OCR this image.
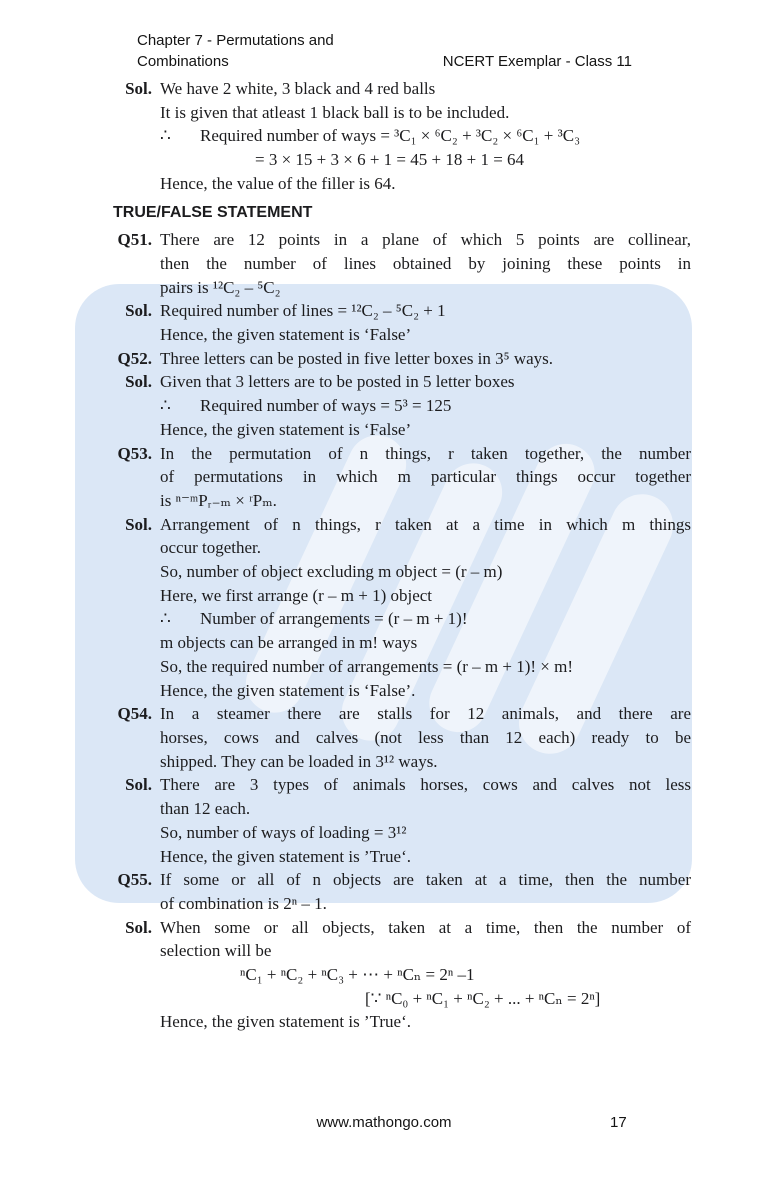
Chapter 7 - Permutations and
Combinations	NCERT Exemplar - Class 11
Sol. We have 2 white, 3 black and 4 red balls
It is given that atleast 1 black ball is to be included.
∴ Required number of ways = ³C₁ × ⁶C₂ + ³C₂ × ⁶C₁ + ³C₃
= 3 × 15 + 3 × 6 + 1 = 45 + 18 + 1 = 64
Hence, the value of the filler is 64.
TRUE/FALSE STATEMENT
Q51. There are 12 points in a plane of which 5 points are collinear,
then the number of lines obtained by joining these points in
pairs is ¹²C₂ – ⁵C₂
Sol. Required number of lines = ¹²C₂ – ⁵C₂ + 1
Hence, the given statement is ‘False’
Q52. Three letters can be posted in five letter boxes in 3⁵ ways.
Sol. Given that 3 letters are to be posted in 5 letter boxes
∴ Required number of ways = 5³ = 125
Hence, the given statement is ‘False’
Q53. In the permutation of n things, r taken together, the number
of permutations in which m particular things occur together
is ⁿ⁻ᵐPᵣ₋ₘ × ʳPₘ.
Sol. Arrangement of n things, r taken at a time in which m things
occur together.
So, number of object excluding m object = (r – m)
Here, we first arrange (r – m + 1) object
∴ Number of arrangements = (r – m + 1)!
m objects can be arranged in m! ways
So, the required number of arrangements = (r – m + 1)! × m!
Hence, the given statement is ‘False’.
Q54. In a steamer there are stalls for 12 animals, and there are
horses, cows and calves (not less than 12 each) ready to be
shipped. They can be loaded in 3¹² ways.
Sol. There are 3 types of animals horses, cows and calves not less
than 12 each.
So, number of ways of loading = 3¹²
Hence, the given statement is ’True‘.
Q55. If some or all of n objects are taken at a time, then the number
of combination is 2ⁿ – 1.
Sol. When some or all objects, taken at a time, then the number of
selection will be
ⁿC₁ + ⁿC₂ + ⁿC₃ + ⋯ + ⁿCₙ = 2ⁿ –1
[∵ ⁿC₀ + ⁿC₁ + ⁿC₂ + ... + ⁿCₙ = 2ⁿ]
Hence, the given statement is ’True‘.
www.mathongo.com	17
